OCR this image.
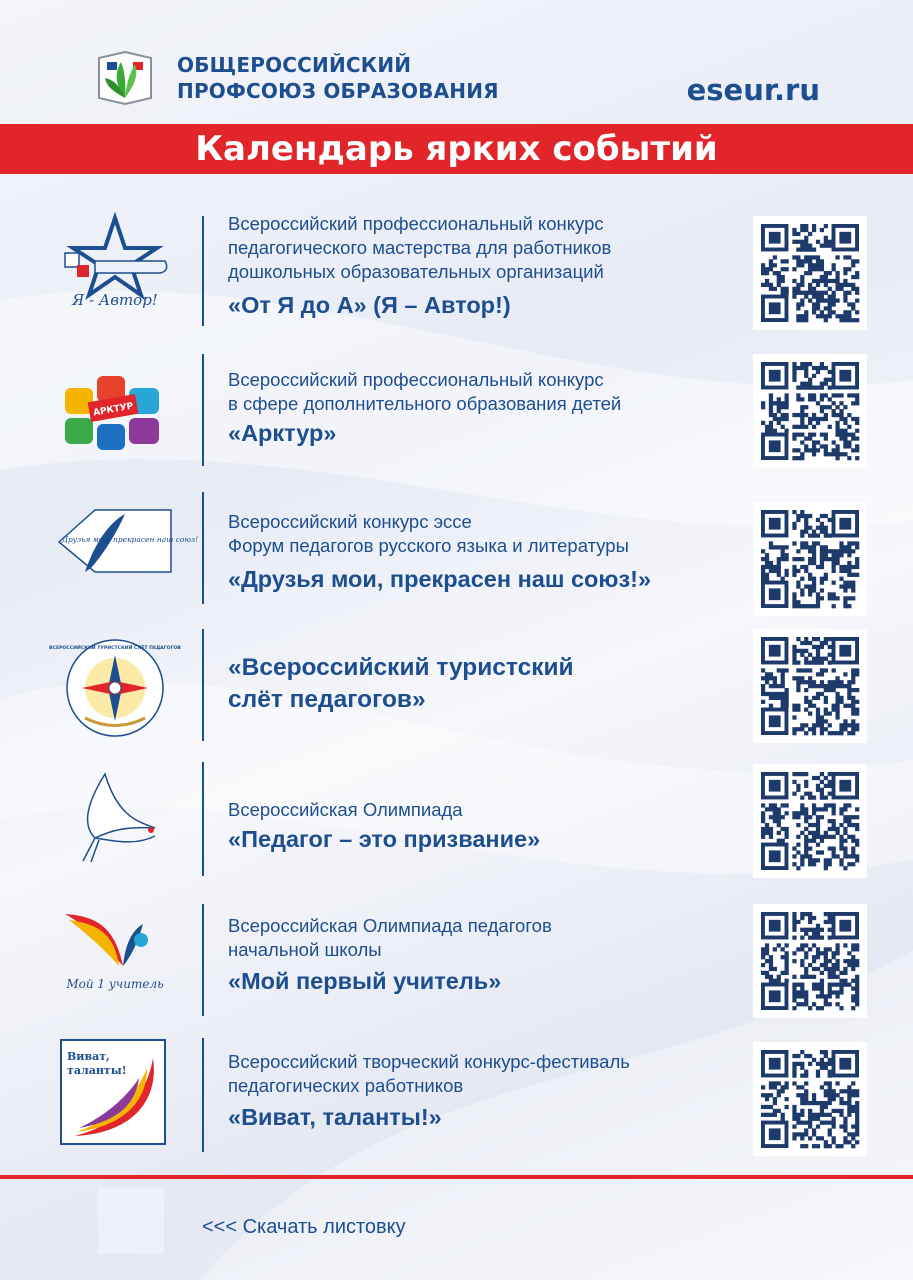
ОБЩЕРОССИЙСКИЙ
ПРОФСОЮЗ ОБРАЗОВАНИЯ	eseur.ru
Календарь ярких событий
Я - Автор!
Всероссийский профессиональный конкурс
педагогического мастерства для работников
дошкольных образовательных организаций
«От Я до А» (Я – Автор!)
АРКТУР
Всероссийский профессиональный конкурс
в сфере дополнительного образования детей
«Арктур»
Друзья мои, прекрасен наш союз!
Всероссийский конкурс эссе
Форум педагогов русского языка и литературы
«Друзья мои, прекрасен наш союз!»
ВСЕРОССИЙСКИЙ ТУРИСТСКИЙ СЛЁТ ПЕДАГОГОВ
«Всероссийский туристский
слёт педагогов»
Всероссийская Олимпиада
«Педагог – это призвание»
Мой 1 учитель
Всероссийская Олимпиада педагогов
начальной школы
«Мой первый учитель»
Виват,
таланты!	Всероссийский творческий конкурс-фестиваль
педагогических работников
«Виват, таланты!»
<<< Скачать листовку
